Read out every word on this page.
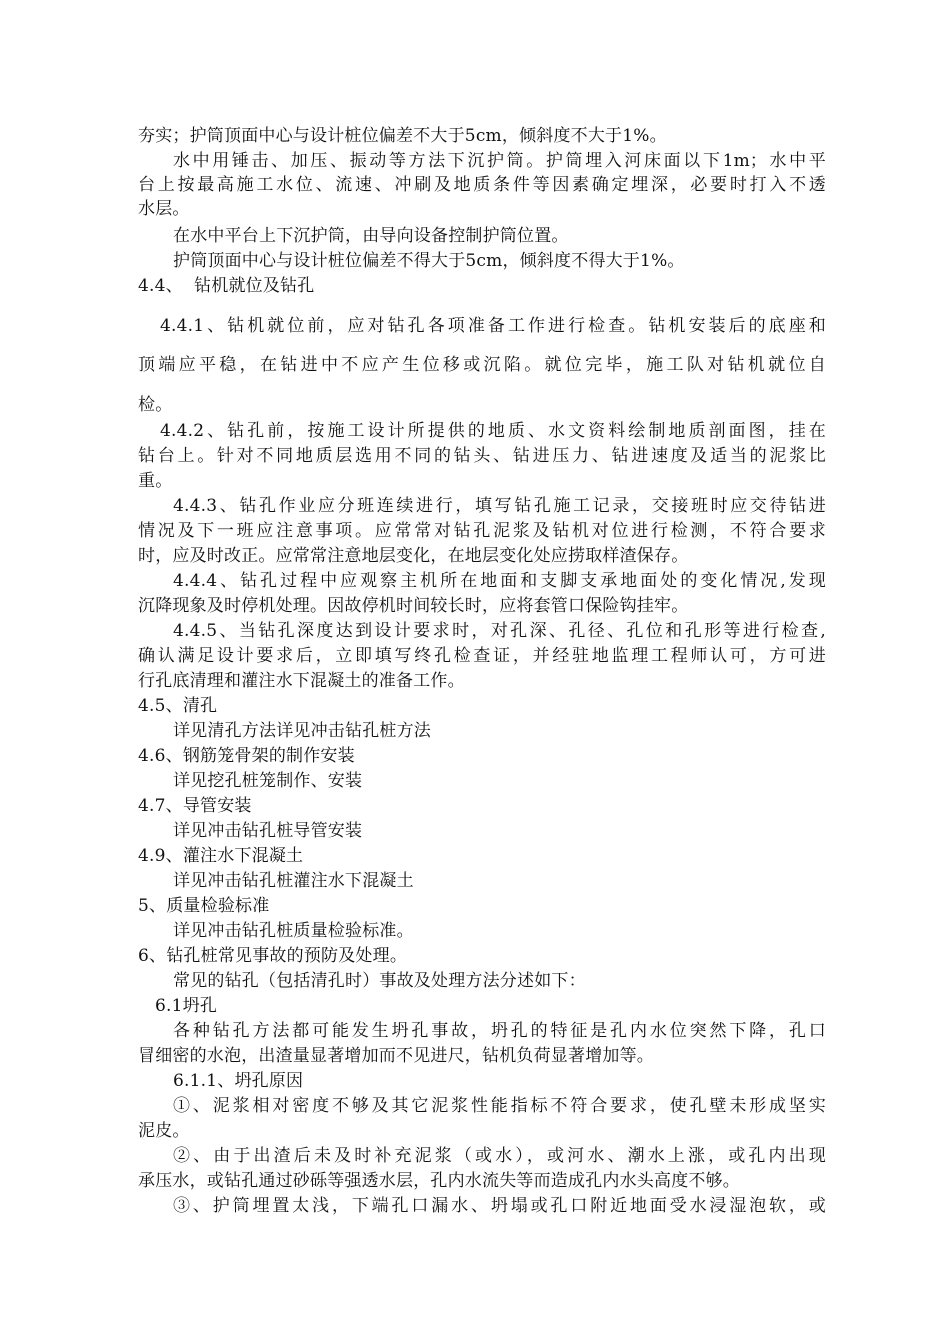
夯实；护筒顶面中心与设计桩位偏差不大于5cm，倾斜度不大于1%。
水中用锤击、加压、振动等方法下沉护筒。护筒埋入河床面以下1m；水中平
台上按最高施工水位、流速、冲刷及地质条件等因素确定埋深，必要时打入不透
水层。
在水中平台上下沉护筒，由导向设备控制护筒位置。
护筒顶面中心与设计桩位偏差不得大于5cm，倾斜度不得大于1%。
4.4、  钻机就位及钻孔
4.4.1、钻机就位前，应对钻孔各项准备工作进行检查。钻机安装后的底座和
顶端应平稳，在钻进中不应产生位移或沉陷。就位完毕，施工队对钻机就位自
检。
4.4.2、钻孔前，按施工设计所提供的地质、水文资料绘制地质剖面图，挂在
钻台上。针对不同地质层选用不同的钻头、钻进压力、钻进速度及适当的泥浆比
重。
4.4.3、钻孔作业应分班连续进行，填写钻孔施工记录，交接班时应交待钻进
情况及下一班应注意事项。应常常对钻孔泥浆及钻机对位进行检测，不符合要求
时，应及时改正。应常常注意地层变化，在地层变化处应捞取样渣保存。
4.4.4、钻孔过程中应观察主机所在地面和支脚支承地面处的变化情况,发现
沉降现象及时停机处理。因故停机时间较长时，应将套管口保险钩挂牢。
4.4.5、当钻孔深度达到设计要求时，对孔深、孔径、孔位和孔形等进行检查,
确认满足设计要求后，立即填写终孔检查证，并经驻地监理工程师认可，方可进
行孔底清理和灌注水下混凝土的准备工作。
4.5、清孔
详见清孔方法详见冲击钻孔桩方法
4.6、钢筋笼骨架的制作安装
详见挖孔桩笼制作、安装
4.7、导管安装
详见冲击钻孔桩导管安装
4.9、灌注水下混凝土
详见冲击钻孔桩灌注水下混凝土
5、质量检验标准
详见冲击钻孔桩质量检验标准。
6、钻孔桩常见事故的预防及处理。
常见的钻孔（包括清孔时）事故及处理方法分述如下：
6.1坍孔
各种钻孔方法都可能发生坍孔事故，坍孔的特征是孔内水位突然下降，孔口
冒细密的水泡，出渣量显著增加而不见进尺，钻机负荷显著增加等。
6.1.1、坍孔原因
①、泥浆相对密度不够及其它泥浆性能指标不符合要求，使孔壁未形成坚实
泥皮。
②、由于出渣后未及时补充泥浆（或水），或河水、潮水上涨，或孔内出现
承压水，或钻孔通过砂砾等强透水层，孔内水流失等而造成孔内水头高度不够。
③、护筒埋置太浅，下端孔口漏水、坍塌或孔口附近地面受水浸湿泡软，或
